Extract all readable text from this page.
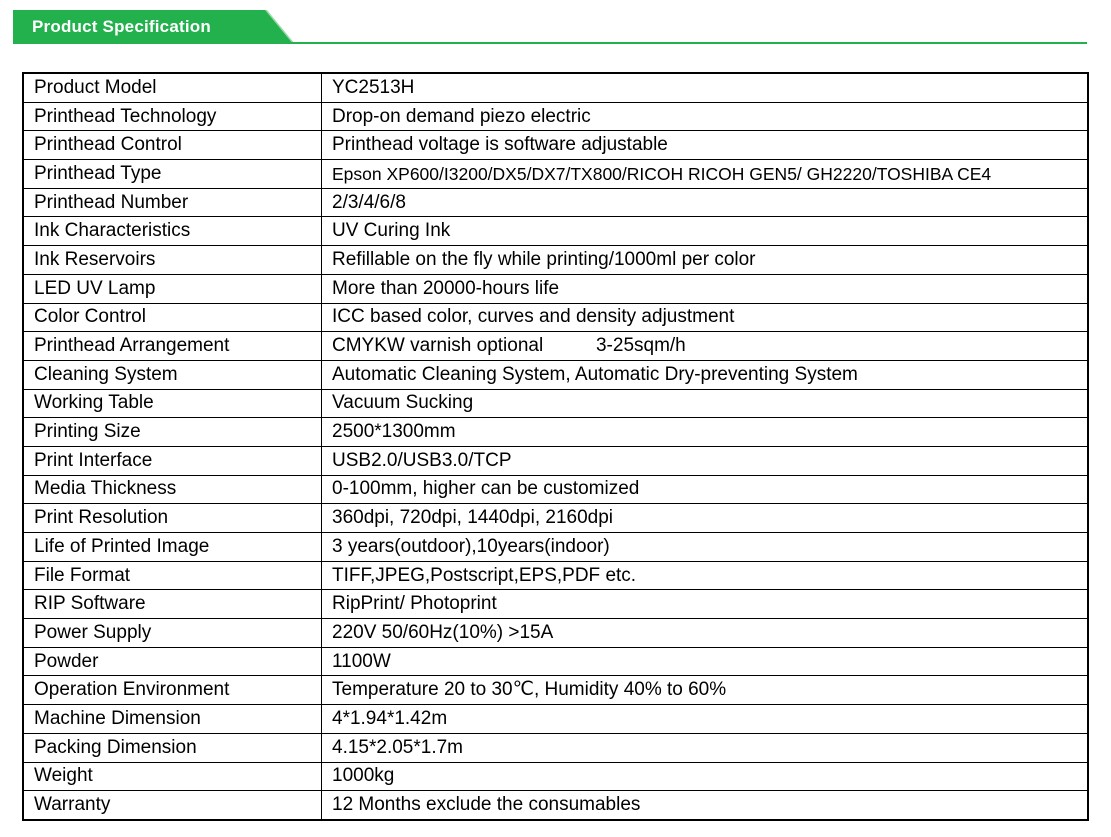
Product Specification
Product Model	YC2513H
Printhead Technology	Drop-on demand piezo electric
Printhead Control	Printhead voltage is software adjustable
Printhead Type	Epson XP600/I3200/DX5/DX7/TX800/RICOH RICOH GEN5/ GH2220/TOSHIBA CE4
Printhead Number	2/3/4/6/8
Ink Characteristics	UV Curing Ink
Ink Reservoirs	Refillable on the fly while printing/1000ml per color
LED UV Lamp	More than 20000-hours life
Color Control	ICC based color, curves and density adjustment
Printhead Arrangement	CMYKW varnish optional          3-25sqm/h
Cleaning System	Automatic Cleaning System, Automatic Dry-preventing System
Working Table	Vacuum Sucking
Printing Size	2500*1300mm
Print Interface	USB2.0/USB3.0/TCP
Media Thickness	0-100mm, higher can be customized
Print Resolution	360dpi, 720dpi, 1440dpi, 2160dpi
Life of Printed Image	3 years(outdoor),10years(indoor)
File Format	TIFF,JPEG,Postscript,EPS,PDF etc.
RIP Software	RipPrint/ Photoprint
Power Supply	220V 50/60Hz(10%) >15A
Powder	1100W
Operation Environment	Temperature 20 to 30℃, Humidity 40% to 60%
Machine Dimension	4*1.94*1.42m
Packing Dimension	4.15*2.05*1.7m
Weight	1000kg
Warranty	12 Months exclude the consumables
